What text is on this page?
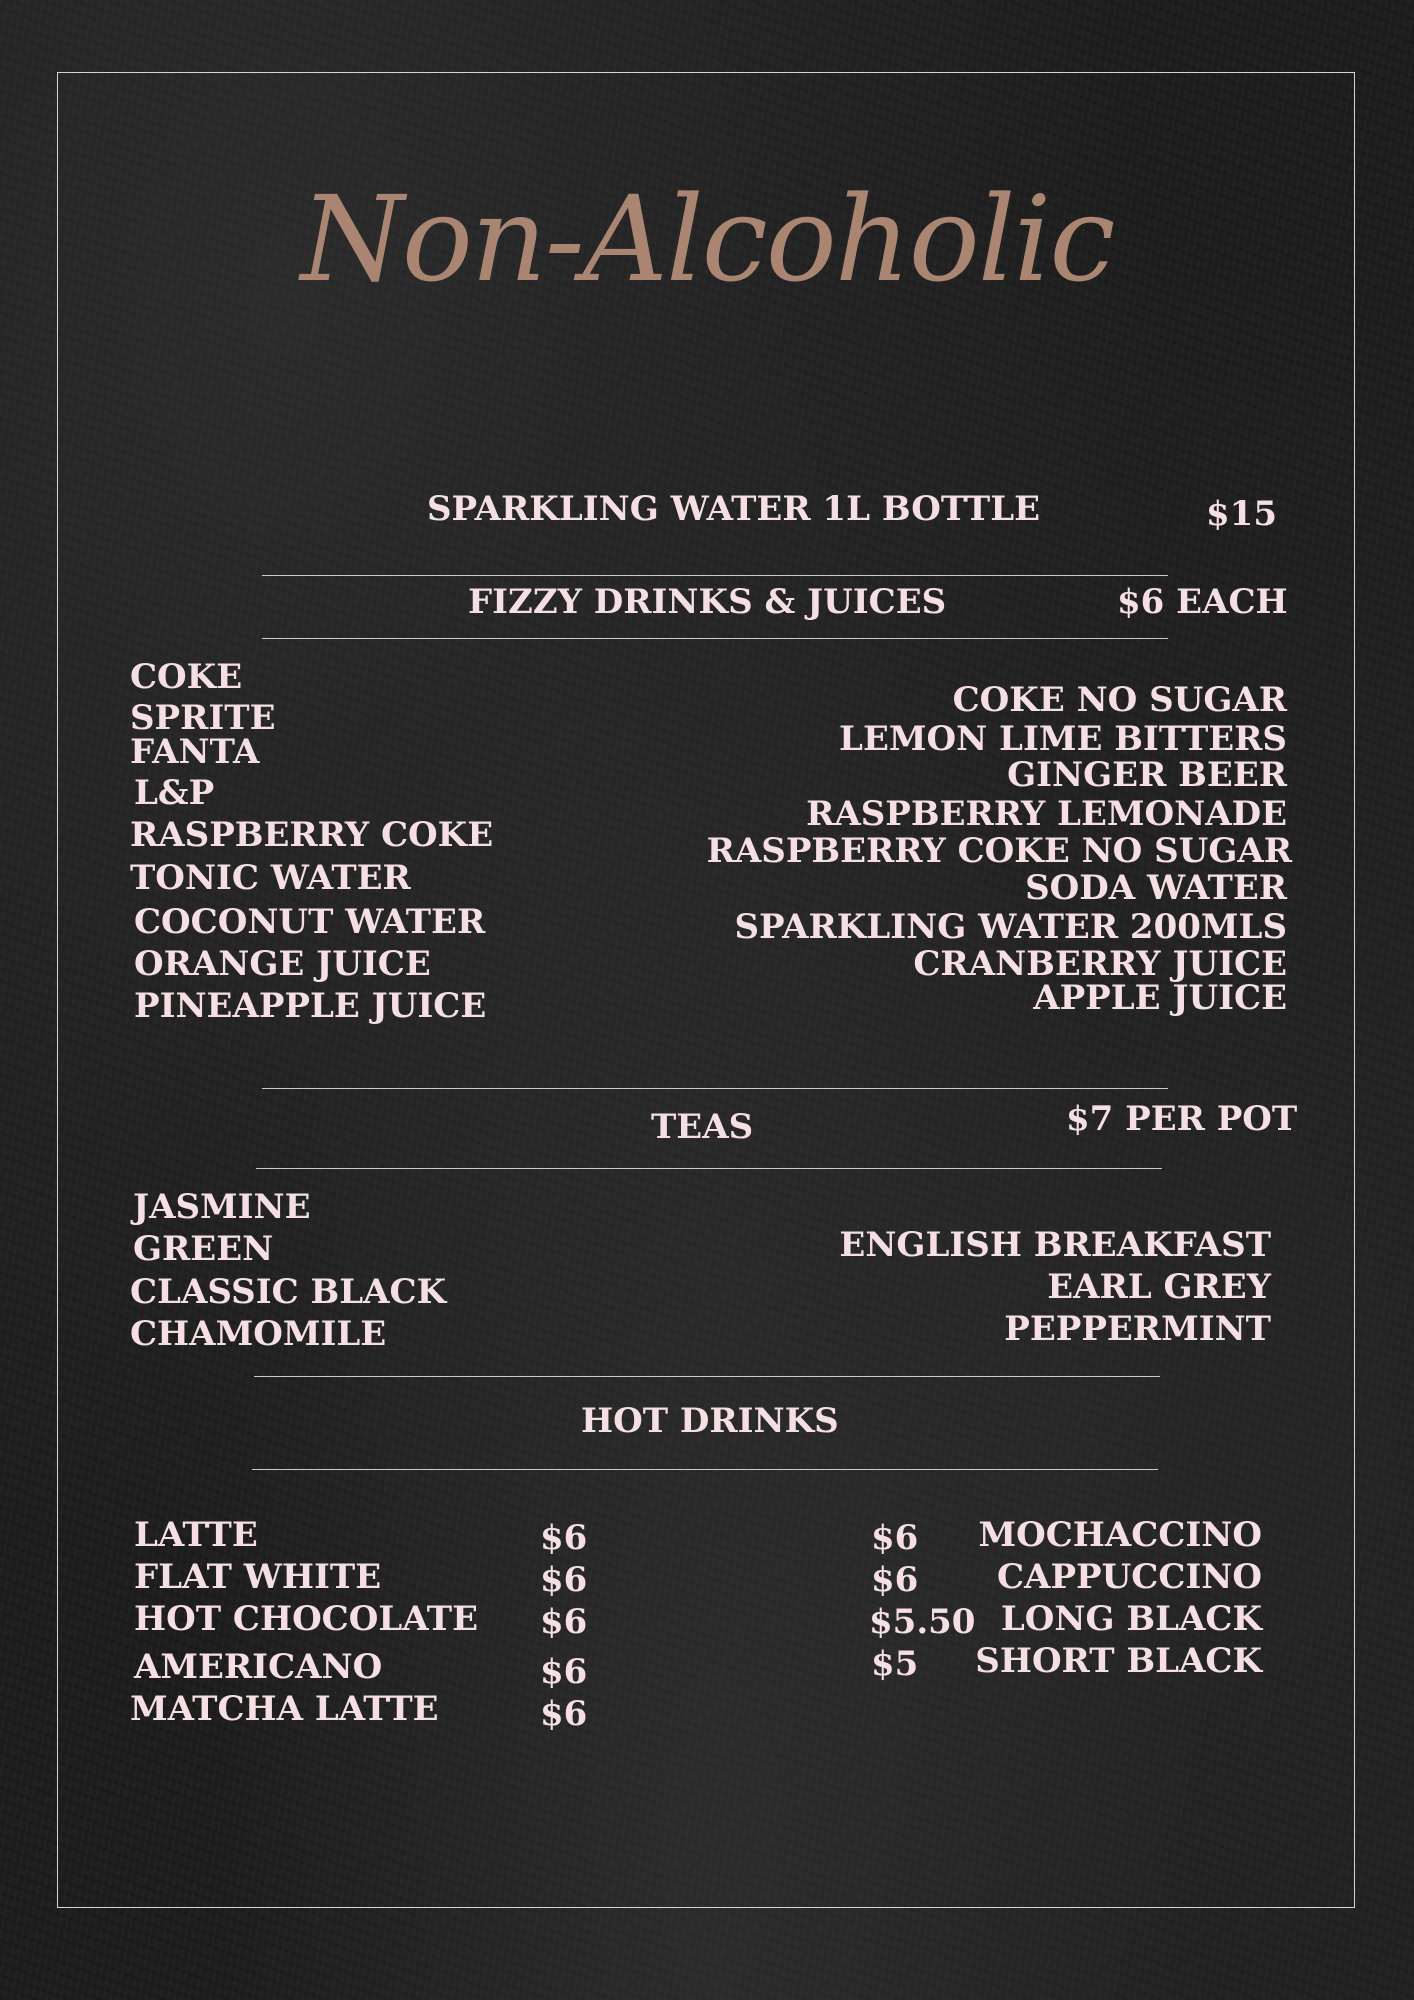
Non-Alcoholic
SPARKLING WATER 1L BOTTLE	$15
FIZZY DRINKS & JUICES	$6 EACH
COKE
SPRITE
FANTA
L&P
RASPBERRY COKE
TONIC WATER
COCONUT WATER
ORANGE JUICE
PINEAPPLE JUICE
COKE NO SUGAR
LEMON LIME BITTERS
GINGER BEER
RASPBERRY LEMONADE
RASPBERRY COKE NO SUGAR
SODA WATER
SPARKLING WATER 200MLS
CRANBERRY JUICE
APPLE JUICE
TEAS	$7 PER POT
JASMINE
GREEN
CLASSIC BLACK
CHAMOMILE
ENGLISH BREAKFAST
EARL GREY
PEPPERMINT
HOT DRINKS
LATTE	$6
FLAT WHITE	$6
HOT CHOCOLATE $6
AMERICANO	$6
MATCHA LATTE	$6
$6 MOCHACCINO
$6 CAPPUCCINO
$5.50 LONG BLACK
$5 SHORT BLACK
